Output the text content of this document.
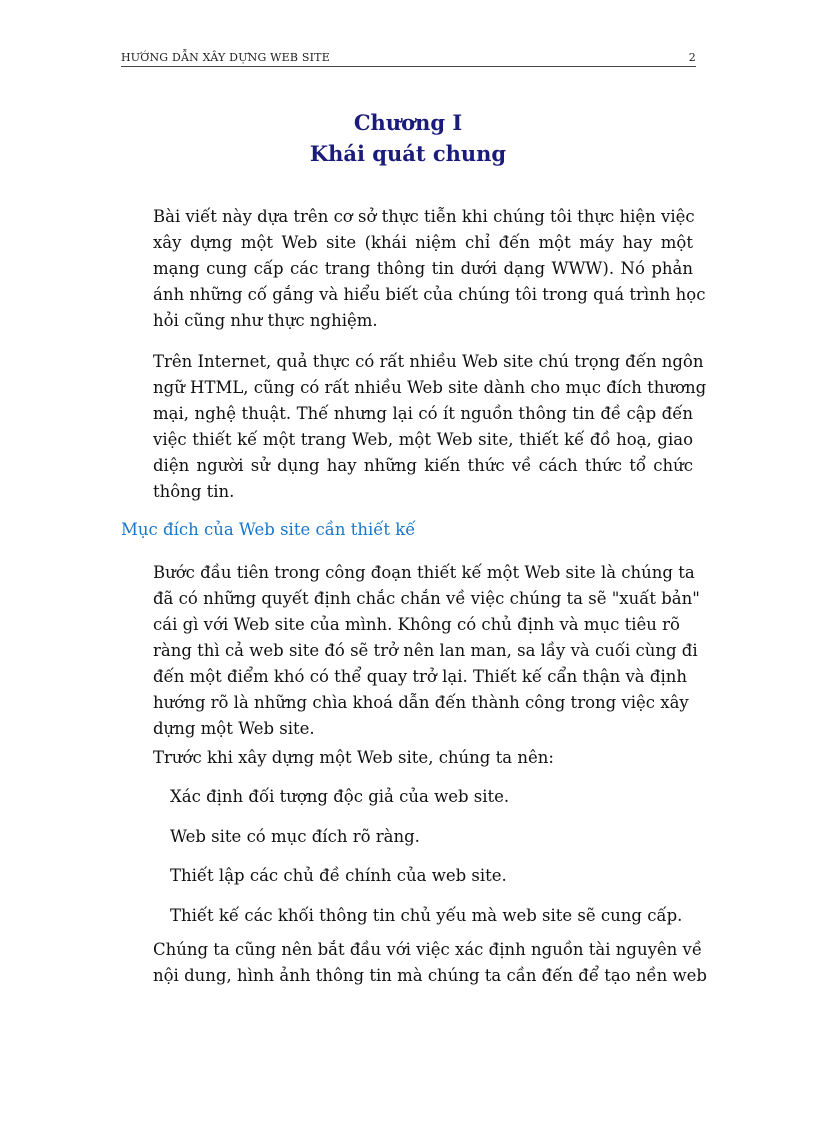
HƯỚNG DẪN XÂY DỰNG WEB SITE	2
Chương I
Khái quát chung
Bài viết này dựa trên cơ sở thực tiễn khi chúng tôi thực hiện việc
xây dựng một Web site (khái niệm chỉ đến một máy hay một
mạng cung cấp các trang thông tin dưới dạng WWW). Nó phản
ánh những cố gắng và hiểu biết của chúng tôi trong quá trình học
hỏi cũng như thực nghiệm.
Trên Internet, quả thực có rất nhiều Web site chú trọng đến ngôn
ngữ HTML, cũng có rất nhiều Web site dành cho mục đích thương
mại, nghệ thuật. Thế nhưng lại có ít nguồn thông tin đề cập đến
việc thiết kế một trang Web, một Web site, thiết kế đồ hoạ, giao
diện người sử dụng hay những kiến thức về cách thức tổ chức
thông tin.
Mục đích của Web site cần thiết kế
Bước đầu tiên trong công đoạn thiết kế một Web site là chúng ta
đã có những quyết định chắc chắn về việc chúng ta sẽ "xuất bản"
cái gì với Web site của mình. Không có chủ định và mục tiêu rõ
ràng thì cả web site đó sẽ trở nên lan man, sa lầy và cuối cùng đi
đến một điểm khó có thể quay trở lại. Thiết kế cẩn thận và định
hướng rõ là những chìa khoá dẫn đến thành công trong việc xây
dựng một Web site.
Trước khi xây dựng một Web site, chúng ta nên:
Xác định đối tượng độc giả của web site.
Web site có mục đích rõ ràng.
Thiết lập các chủ đề chính của web site.
Thiết kế các khối thông tin chủ yếu mà web site sẽ cung cấp.
Chúng ta cũng nên bắt đầu với việc xác định nguồn tài nguyên về
nội dung, hình ảnh thông tin mà chúng ta cần đến để tạo nền web
